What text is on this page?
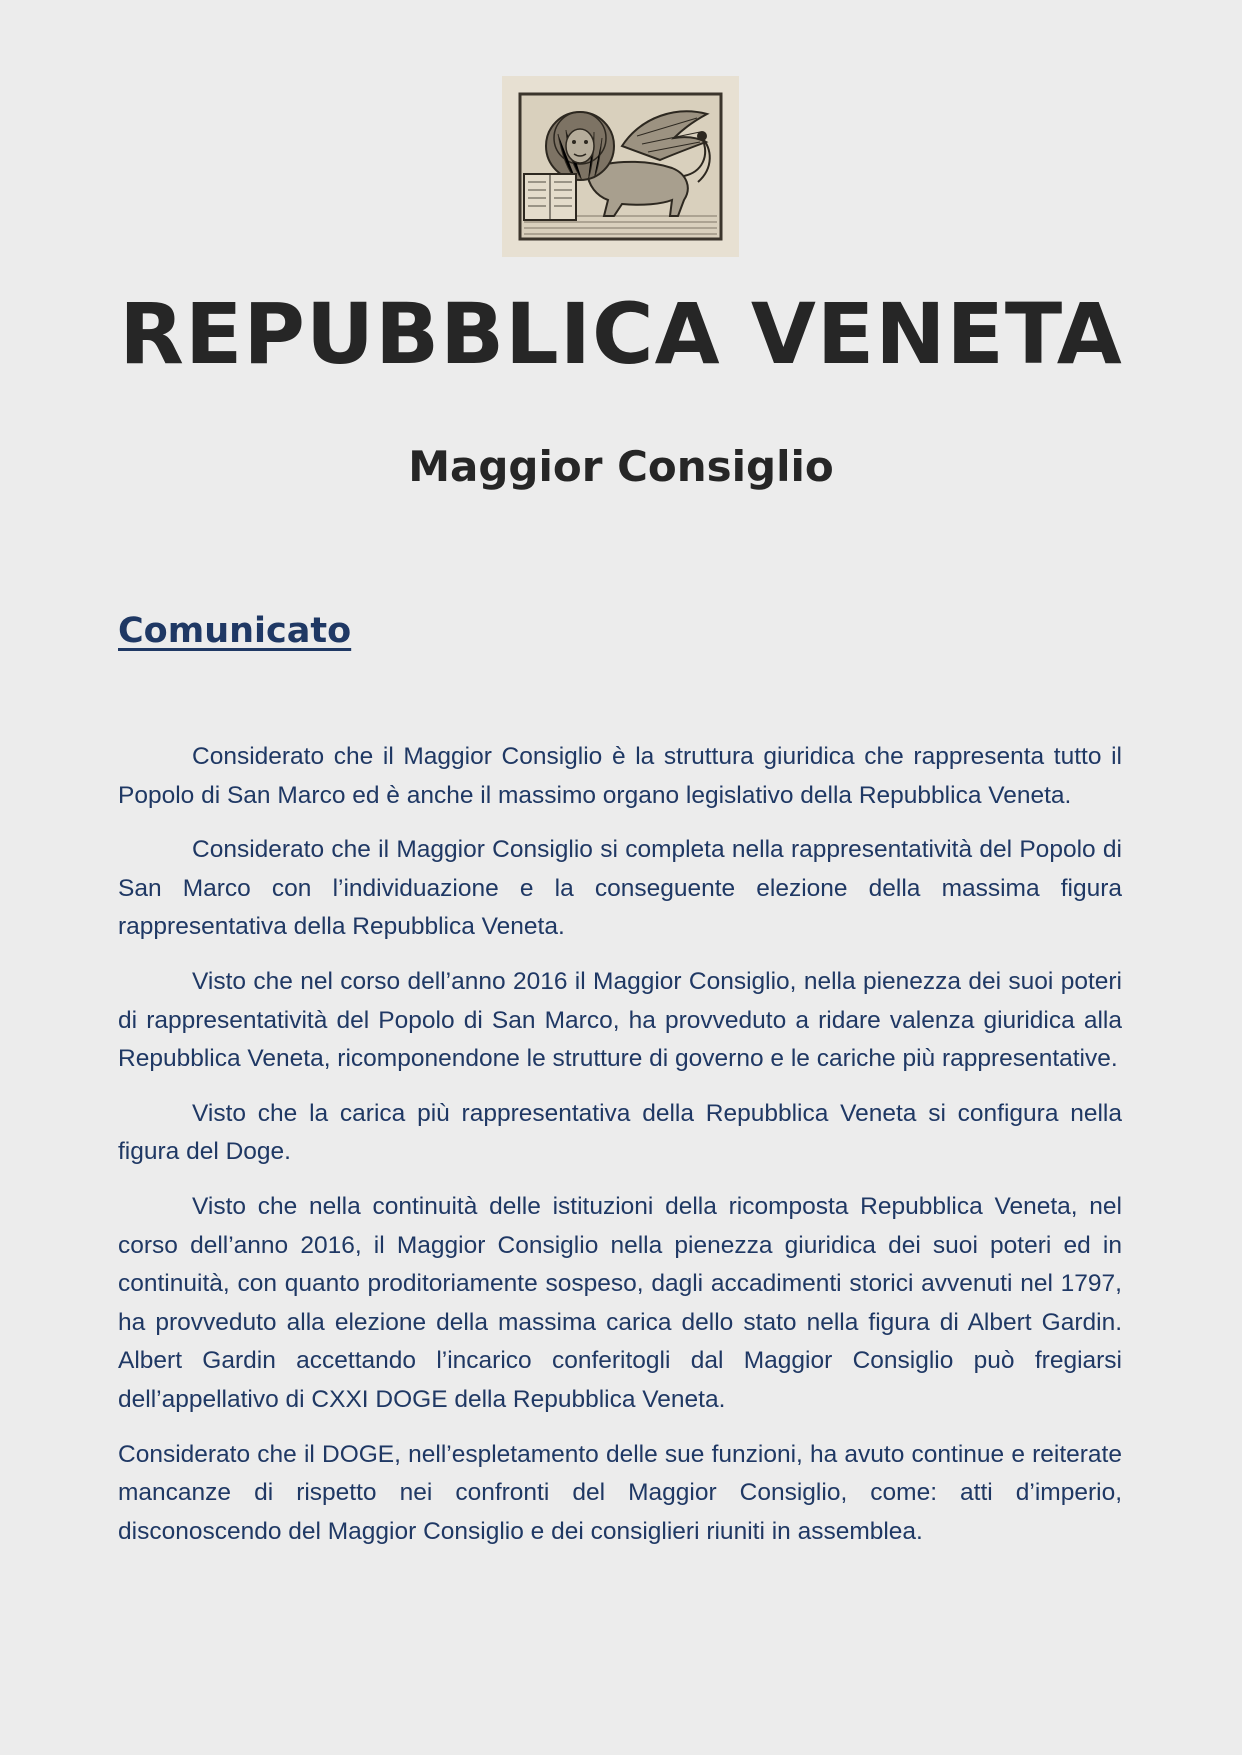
REPUBBLICA VENETA
Maggior Consiglio
Comunicato

Considerato che il Maggior Consiglio è la struttura giuridica che rappresenta tutto il Popolo di San Marco ed è anche il massimo organo legislativo della Repubblica Veneta.

Considerato che il Maggior Consiglio si completa nella rappresentatività del Popolo di San Marco con l’individuazione e la conseguente elezione della massima figura rappresentativa della Repubblica Veneta.

Visto che nel corso dell’anno 2016 il Maggior Consiglio, nella pienezza dei suoi poteri di rappresentatività del Popolo di San Marco, ha provveduto a ridare valenza giuridica alla Repubblica Veneta, ricomponendone le strutture di governo e le cariche più rappresentative.

Visto che la carica più rappresentativa della Repubblica Veneta si configura nella figura del Doge.

Visto che nella continuità delle istituzioni della ricomposta Repubblica Veneta, nel corso dell’anno 2016, il Maggior Consiglio nella pienezza giuridica dei suoi poteri ed in continuità, con quanto proditoriamente sospeso, dagli accadimenti storici avvenuti nel 1797, ha provveduto alla elezione della massima carica dello stato nella figura di Albert Gardin. Albert Gardin accettando l’incarico conferitogli dal Maggior Consiglio può fregiarsi dell’appellativo di CXXI DOGE della Repubblica Veneta.

Considerato che il DOGE, nell’espletamento delle sue funzioni, ha avuto continue e reiterate mancanze di rispetto nei confronti del Maggior Consiglio, come: atti d’imperio, disconoscendo del Maggior Consiglio e dei consiglieri riuniti in assemblea.
